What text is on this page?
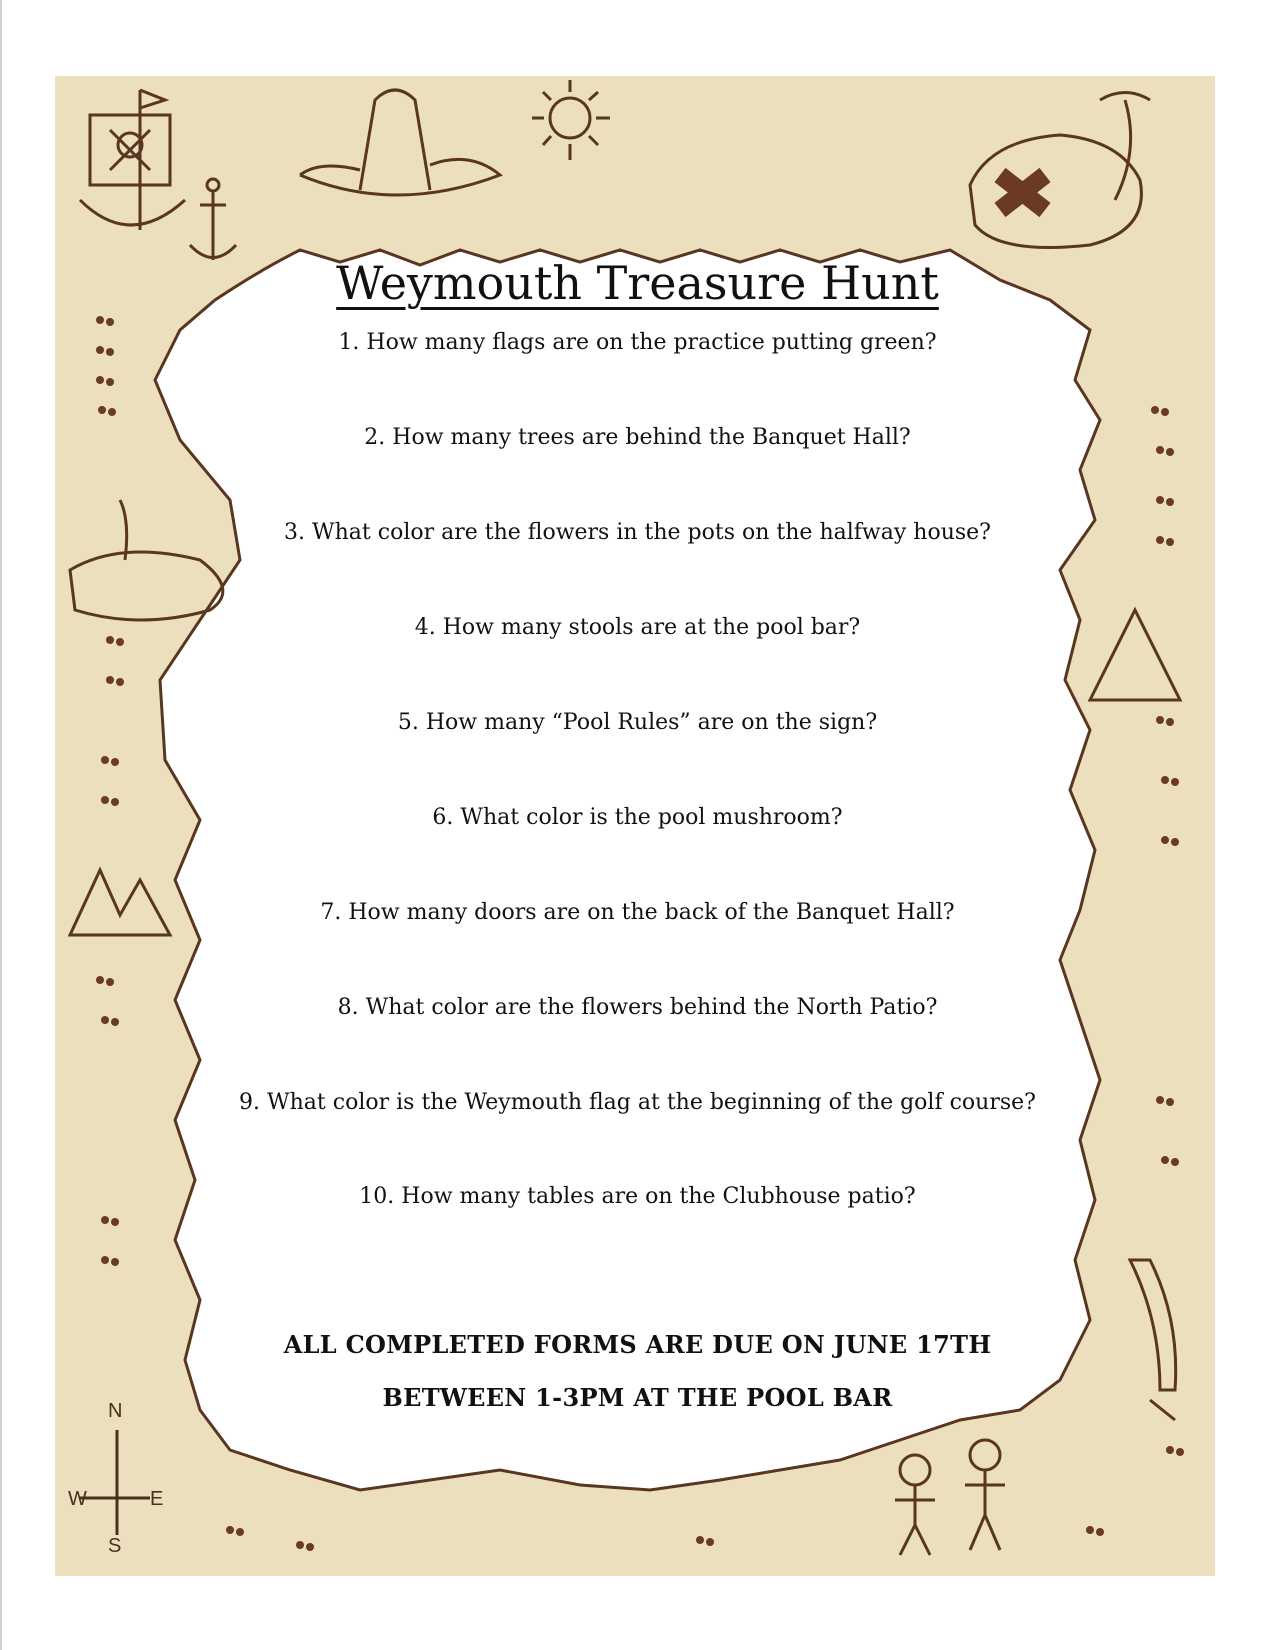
N
W	E
S
Weymouth Treasure Hunt
1. How many flags are on the practice putting green?
2. How many trees are behind the Banquet Hall?
3. What color are the flowers in the pots on the halfway house?
4. How many stools are at the pool bar?
5. How many “Pool Rules” are on the sign?
6. What color is the pool mushroom?
7. How many doors are on the back of the Banquet Hall?
8. What color are the flowers behind the North Patio?
9. What color is the Weymouth flag at the beginning of the golf course?
10. How many tables are on the Clubhouse patio?
ALL COMPLETED FORMS ARE DUE ON JUNE 17TH
BETWEEN 1-3PM AT THE POOL BAR
